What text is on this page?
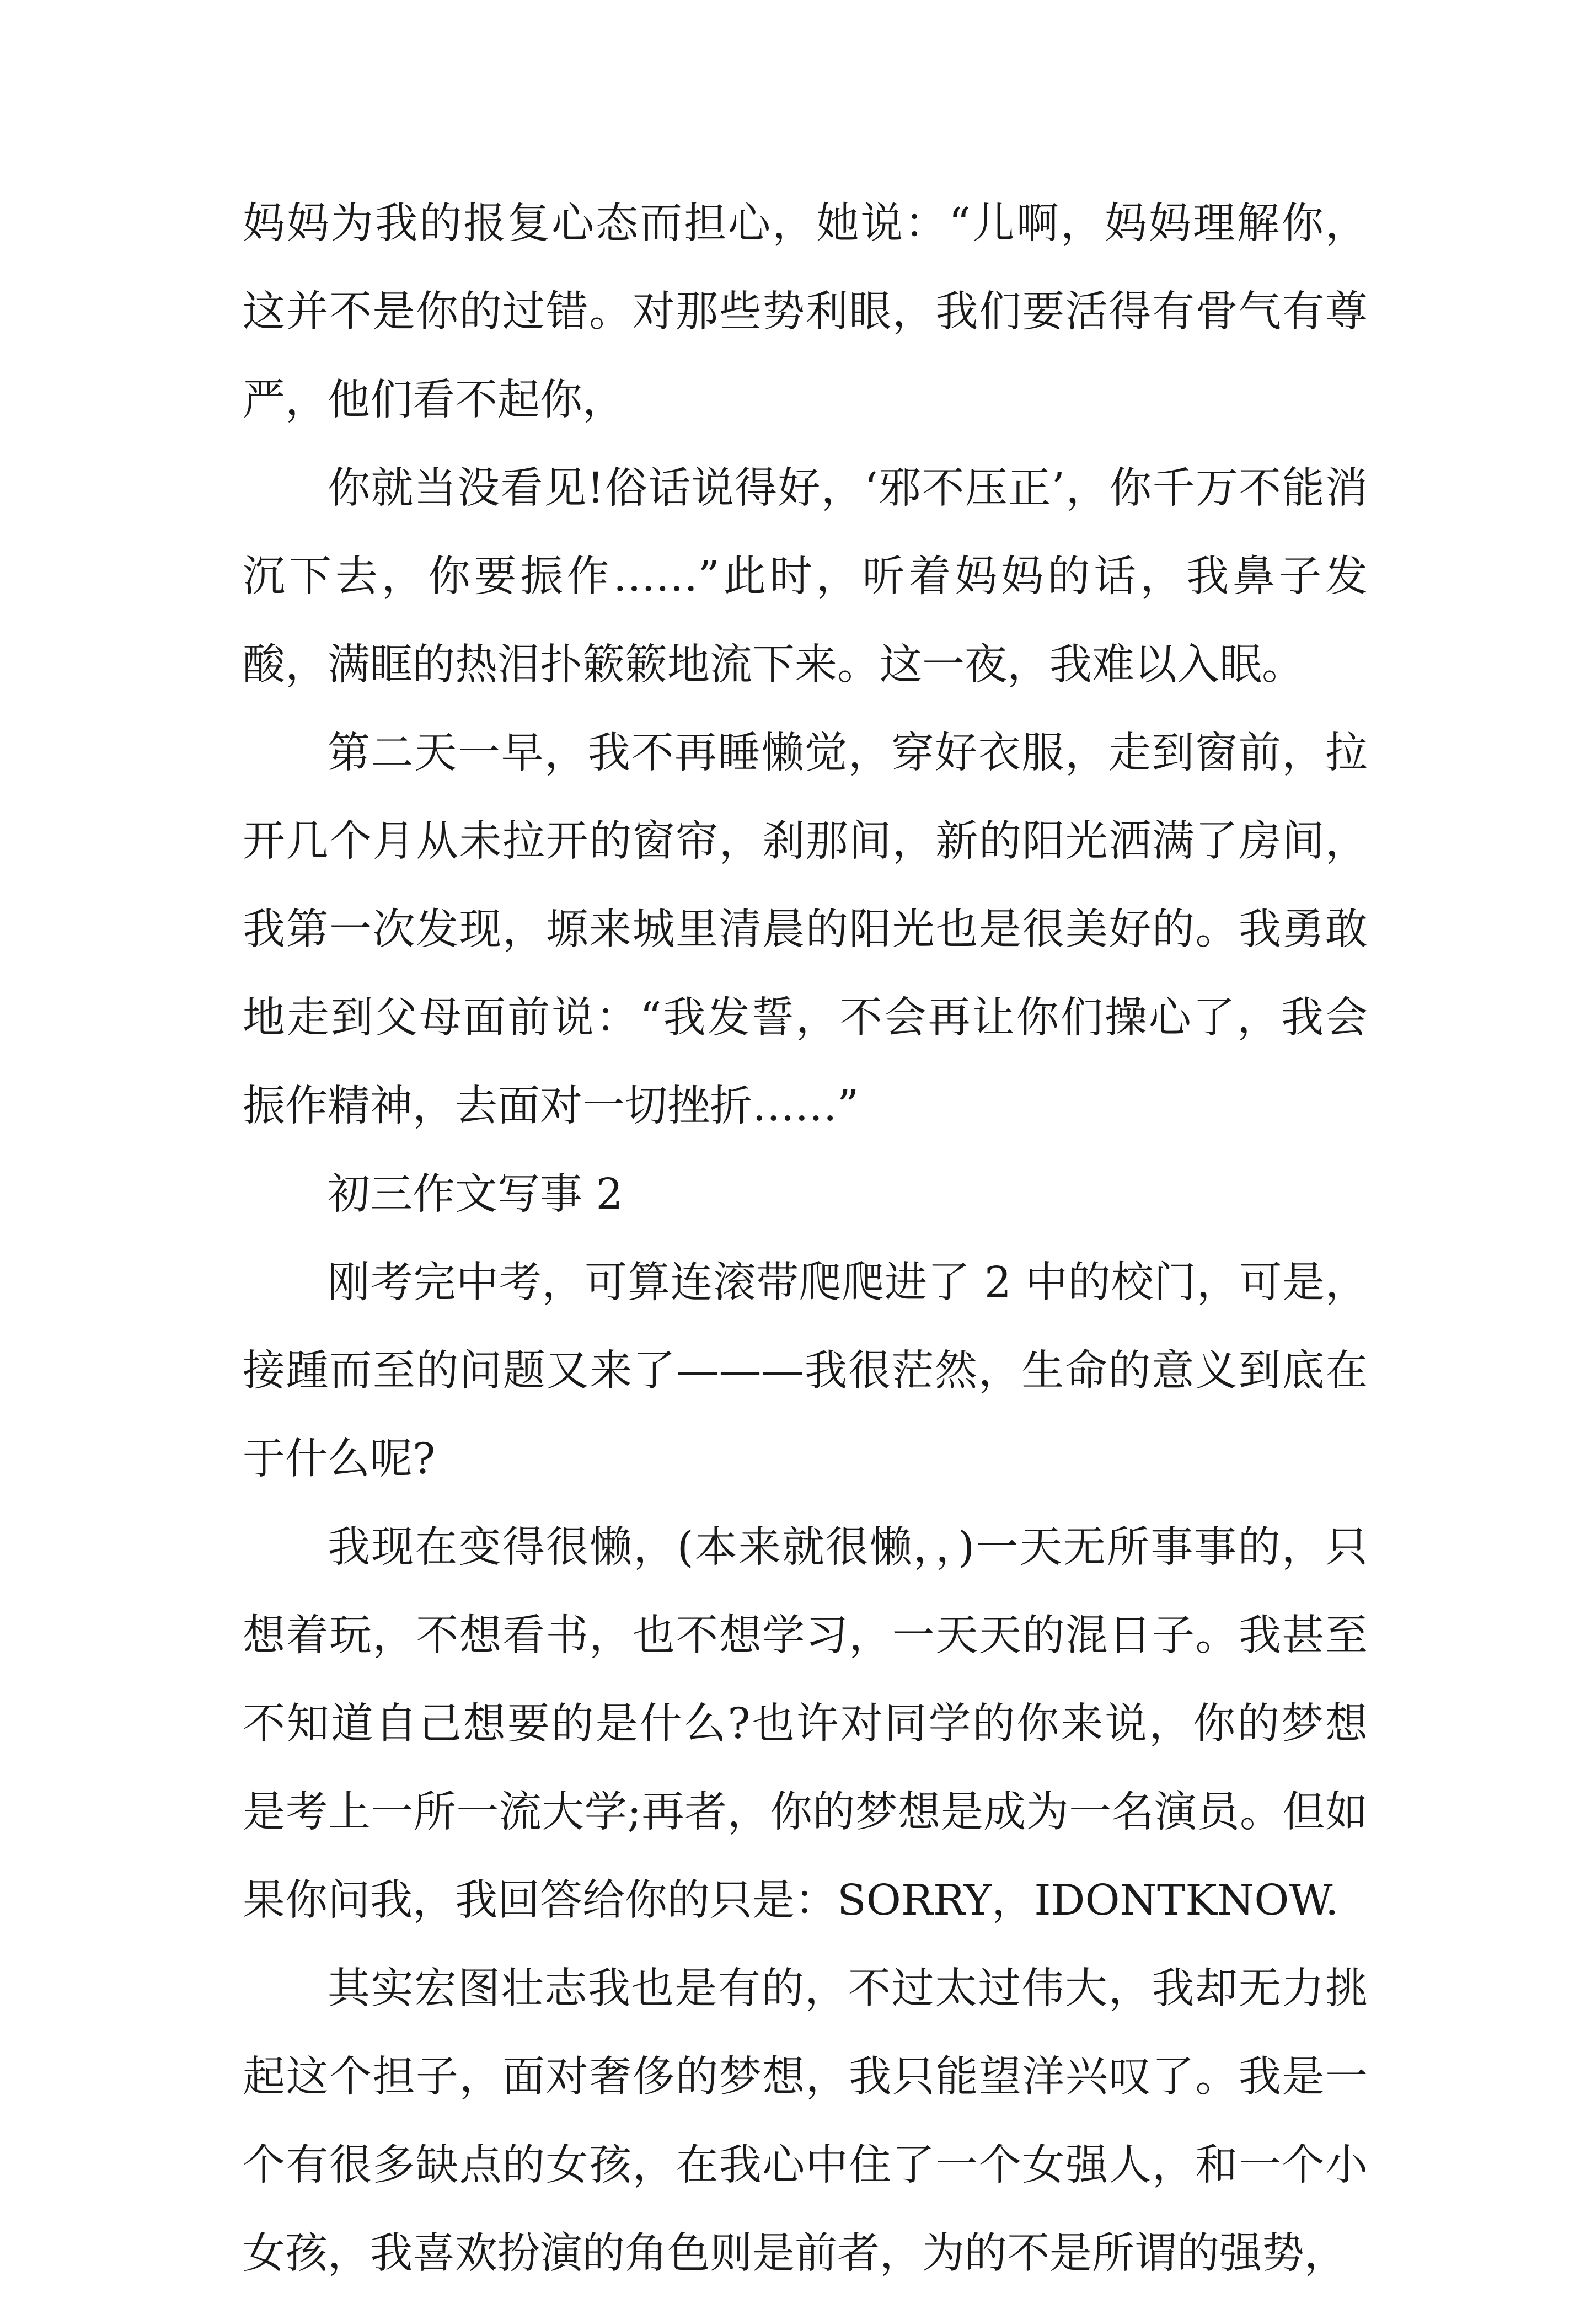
妈妈为我的报复心态而担心，她说：“儿啊，妈妈理解你，这并不是你的过错。对那些势利眼，我们要活得有骨气有尊严，他们看不起你，

你就当没看见!俗话说得好，‘邪不压正’，你千万不能消沉下去，你要振作……”此时，听着妈妈的话，我鼻子发酸，满眶的热泪扑簌簌地流下来。这一夜，我难以入眠。

第二天一早，我不再睡懒觉，穿好衣服，走到窗前，拉开几个月从未拉开的窗帘，刹那间，新的阳光洒满了房间，我第一次发现，塬来城里清晨的阳光也是很美好的。我勇敢地走到父母面前说：“我发誓，不会再让你们操心了，我会振作精神，去面对一切挫折……”

初三作文写事 2

刚考完中考，可算连滚带爬爬进了 2 中的校门，可是，接踵而至的问题又来了———我很茫然，生命的意义到底在于什么呢?

我现在变得很懒，(本来就很懒，，)一天无所事事的，只想着玩，不想看书，也不想学习，一天天的混日子。我甚至不知道自己想要的是什么?也许对同学的你来说，你的梦想是考上一所一流大学;再者，你的梦想是成为一名演员。但如果你问我，我回答给你的只是：SORRY，IDONTKNOW.

其实宏图壮志我也是有的，不过太过伟大，我却无力挑起这个担子，面对奢侈的梦想，我只能望洋兴叹了。我是一个有很多缺点的女孩，在我心中住了一个女强人，和一个小女孩，我喜欢扮演的角色则是前者，为的不是所谓的强势，
